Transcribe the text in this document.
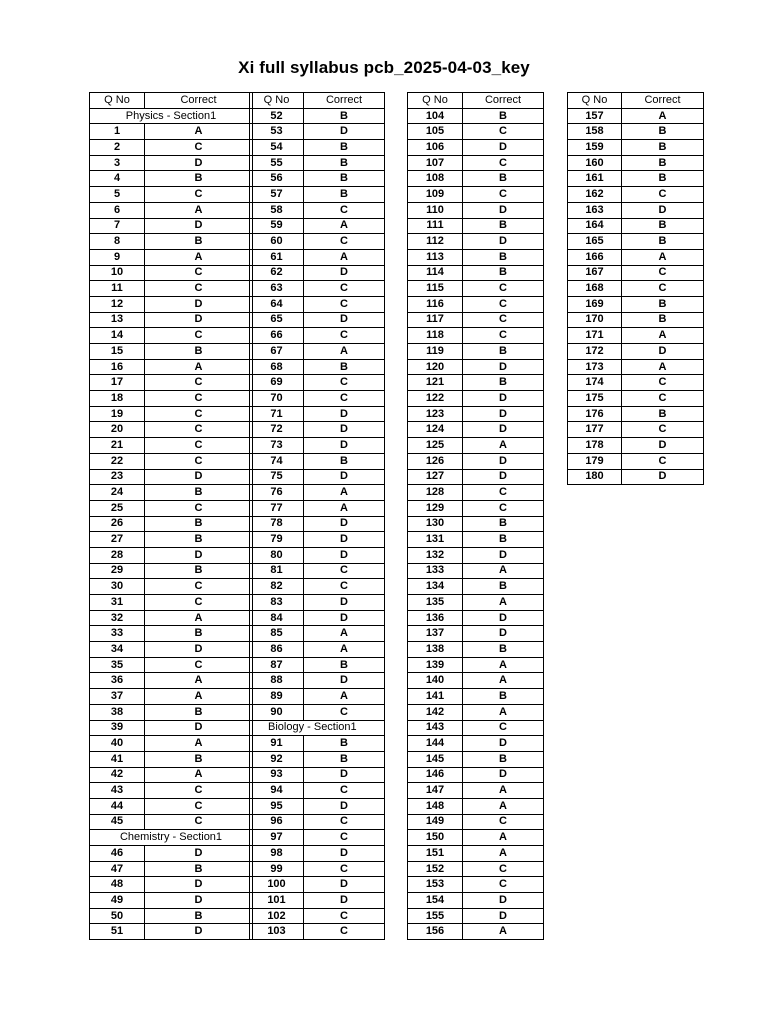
Xi full syllabus pcb_2025-04-03_key
Q No	Correct
Physics - Section1	
1	A
2	C
3	D
4	B
5	C
6	A
7	D
8	B
9	A
10	C
11	C
12	D
13	D
14	C
15	B
16	A
17	C
18	C
19	C
20	C
21	C
22	C
23	D
24	B
25	C
26	B
27	B
28	D
29	B
30	C
31	C
32	A
33	B
34	D
35	C
36	A
37	A
38	B
39	D
40	A
41	B
42	A
43	C
44	C
45	C
Chemistry - Section1	
46	D
47	B
48	D
49	D
50	B
51	D
Q No	Correct
52	B
53	D
54	B
55	B
56	B
57	B
58	C
59	A
60	C
61	A
62	D
63	C
64	C
65	D
66	C
67	A
68	B
69	C
70	C
71	D
72	D
73	D
74	B
75	D
76	A
77	A
78	D
79	D
80	D
81	C
82	C
83	D
84	D
85	A
86	A
87	B
88	D
89	A
90	C
Biology - Section1	
91	B
92	B
93	D
94	C
95	D
96	C
97	C
98	D
99	C
100	D
101	D
102	C
103	C
Q No	Correct
104	B
105	C
106	D
107	C
108	B
109	C
110	D
111	B
112	D
113	B
114	B
115	C
116	C
117	C
118	C
119	B
120	D
121	B
122	D
123	D
124	D
125	A
126	D
127	D
128	C
129	C
130	B
131	B
132	D
133	A
134	B
135	A
136	D
137	D
138	B
139	A
140	A
141	B
142	A
143	C
144	D
145	B
146	D
147	A
148	A
149	C
150	A
151	A
152	C
153	C
154	D
155	D
156	A
Q No	Correct
157	A
158	B
159	B
160	B
161	B
162	C
163	D
164	B
165	B
166	A
167	C
168	C
169	B
170	B
171	A
172	D
173	A
174	C
175	C
176	B
177	C
178	D
179	C
180	D
